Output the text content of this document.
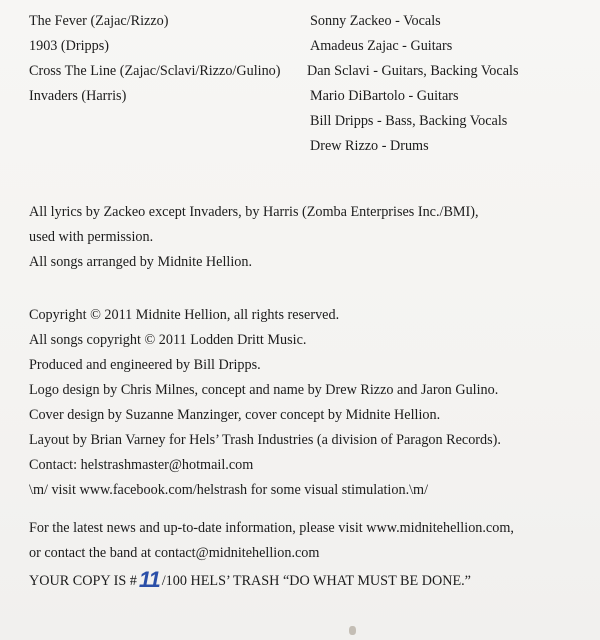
The Fever (Zajac/Rizzo)
1903 (Dripps)
Cross The Line (Zajac/Sclavi/Rizzo/Gulino)
Invaders (Harris)
Sonny Zackeo - Vocals
Amadeus Zajac - Guitars
Dan Sclavi - Guitars, Backing Vocals
Mario DiBartolo - Guitars
Bill Dripps - Bass, Backing Vocals
Drew Rizzo - Drums
All lyrics by Zackeo except Invaders, by Harris (Zomba Enterprises Inc./BMI),
used with permission.
All songs arranged by Midnite Hellion.
Copyright © 2011 Midnite Hellion, all rights reserved.
All songs copyright © 2011 Lodden Dritt Music.
Produced and engineered by Bill Dripps.
Logo design by Chris Milnes, concept and name by Drew Rizzo and Jaron Gulino.
Cover design by Suzanne Manzinger, cover concept by Midnite Hellion.
Layout by Brian Varney for Hels’ Trash Industries (a division of Paragon Records).
Contact: helstrashmaster@hotmail.com
\m/ visit www.facebook.com/helstrash for some visual stimulation.\m/
For the latest news and up-to-date information, please visit www.midnitehellion.com,
or contact the band at contact@midnitehellion.com
YOUR COPY IS #11 /100 HELS’ TRASH “DO WHAT MUST BE DONE.”
